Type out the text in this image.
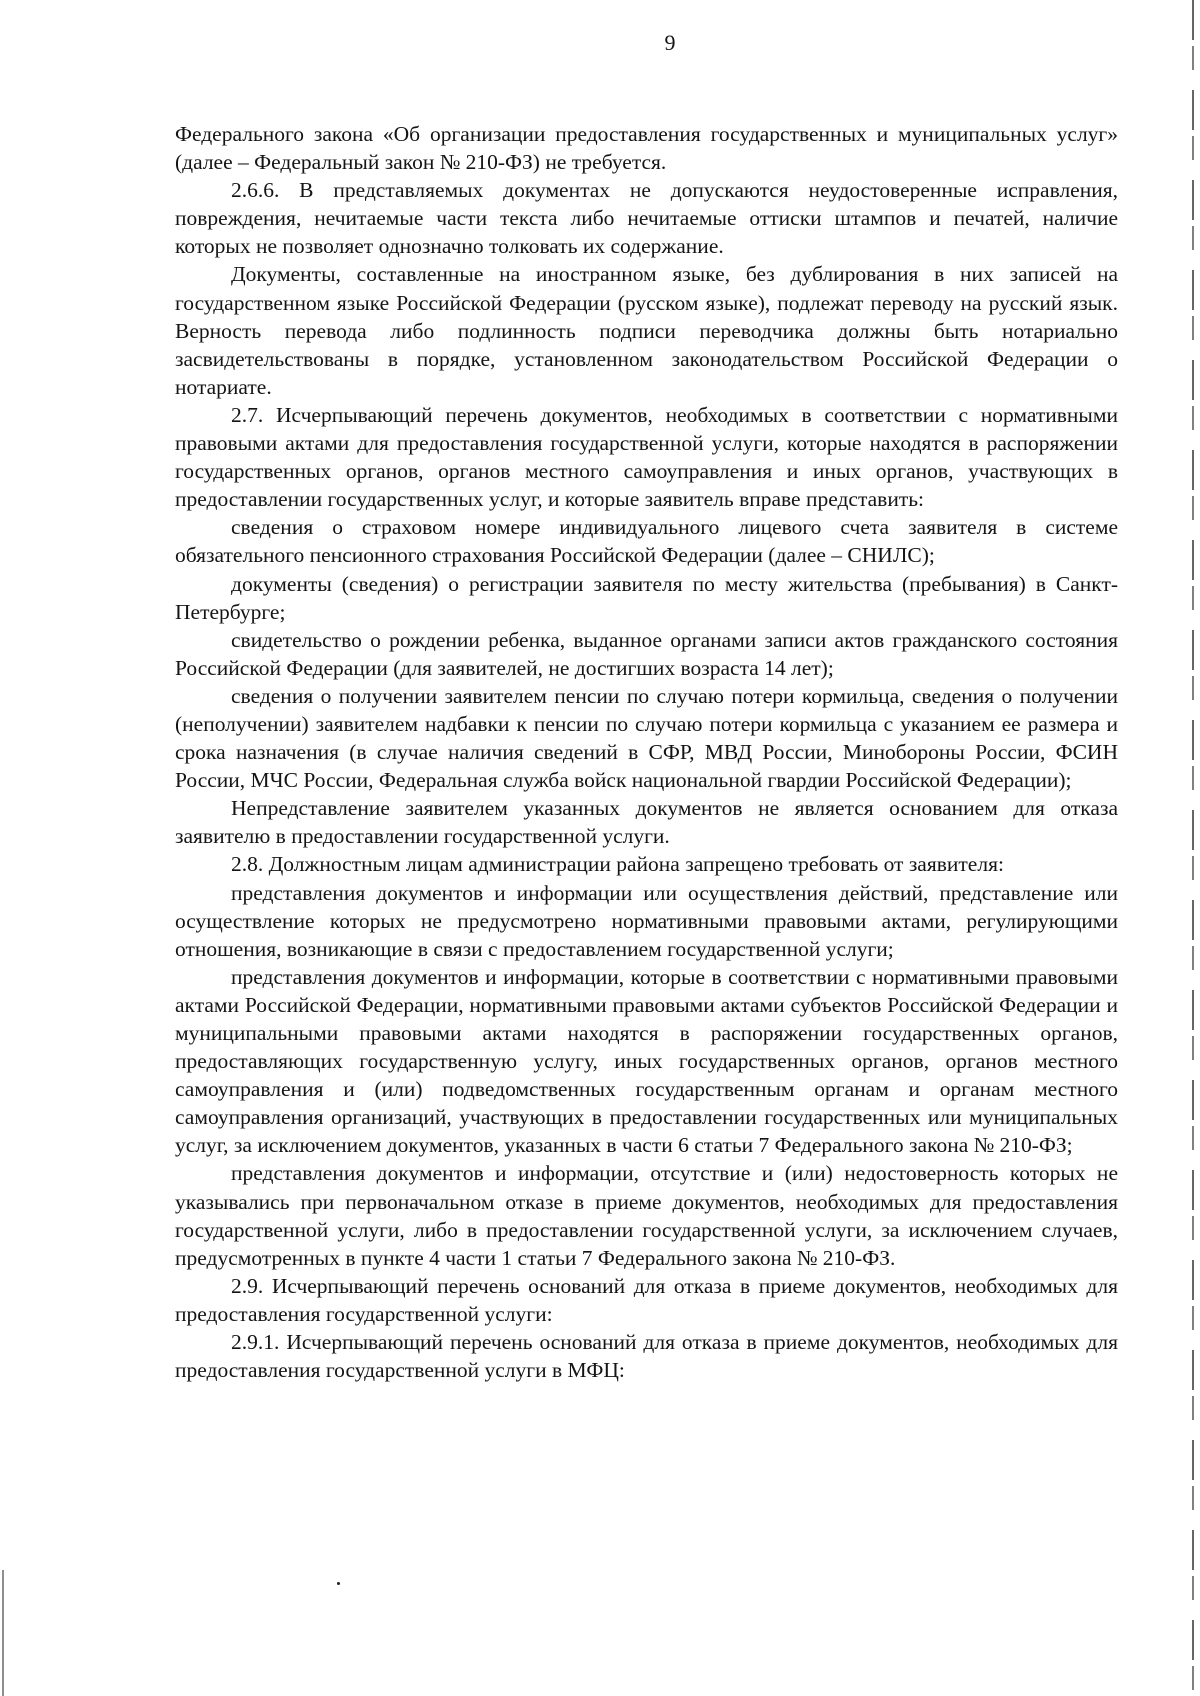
9

Федерального закона «Об организации предоставления государственных и муниципальных услуг» (далее – Федеральный закон № 210-ФЗ) не требуется.

2.6.6. В представляемых документах не допускаются неудостоверенные исправления, повреждения, нечитаемые части текста либо нечитаемые оттиски штампов и печатей, наличие которых не позволяет однозначно толковать их содержание.

Документы, составленные на иностранном языке, без дублирования в них записей на государственном языке Российской Федерации (русском языке), подлежат переводу на русский язык. Верность перевода либо подлинность подписи переводчика должны быть нотариально засвидетельствованы в порядке, установленном законодательством Российской Федерации о нотариате.

2.7. Исчерпывающий перечень документов, необходимых в соответствии с нормативными правовыми актами для предоставления государственной услуги, которые находятся в распоряжении государственных органов, органов местного самоуправления и иных органов, участвующих в предоставлении государственных услуг, и которые заявитель вправе представить:

сведения о страховом номере индивидуального лицевого счета заявителя в системе обязательного пенсионного страхования Российской Федерации (далее – СНИЛС);

документы (сведения) о регистрации заявителя по месту жительства (пребывания) в Санкт-Петербурге;

свидетельство о рождении ребенка, выданное органами записи актов гражданского состояния Российской Федерации (для заявителей, не достигших возраста 14 лет);

сведения о получении заявителем пенсии по случаю потери кормильца, сведения о получении (неполучении) заявителем надбавки к пенсии по случаю потери кормильца с указанием ее размера и срока назначения (в случае наличия сведений в СФР, МВД России, Минобороны России, ФСИН России, МЧС России, Федеральная служба войск национальной гвардии Российской Федерации);

Непредставление заявителем указанных документов не является основанием для отказа заявителю в предоставлении государственной услуги.

2.8. Должностным лицам администрации района запрещено требовать от заявителя:

представления документов и информации или осуществления действий, представление или осуществление которых не предусмотрено нормативными правовыми актами, регулирующими отношения, возникающие в связи с предоставлением государственной услуги;

представления документов и информации, которые в соответствии с нормативными правовыми актами Российской Федерации, нормативными правовыми актами субъектов Российской Федерации и муниципальными правовыми актами находятся в распоряжении государственных органов, предоставляющих государственную услугу, иных государственных органов, органов местного самоуправления и (или) подведомственных государственным органам и органам местного самоуправления организаций, участвующих в предоставлении государственных или муниципальных услуг, за исключением документов, указанных в части 6 статьи 7 Федерального закона № 210-ФЗ;

представления документов и информации, отсутствие и (или) недостоверность которых не указывались при первоначальном отказе в приеме документов, необходимых для предоставления государственной услуги, либо в предоставлении государственной услуги, за исключением случаев, предусмотренных в пункте 4 части 1 статьи 7 Федерального закона № 210-ФЗ.

2.9. Исчерпывающий перечень оснований для отказа в приеме документов, необходимых для предоставления государственной услуги:

2.9.1. Исчерпывающий перечень оснований для отказа в приеме документов, необходимых для предоставления государственной услуги в МФЦ:
